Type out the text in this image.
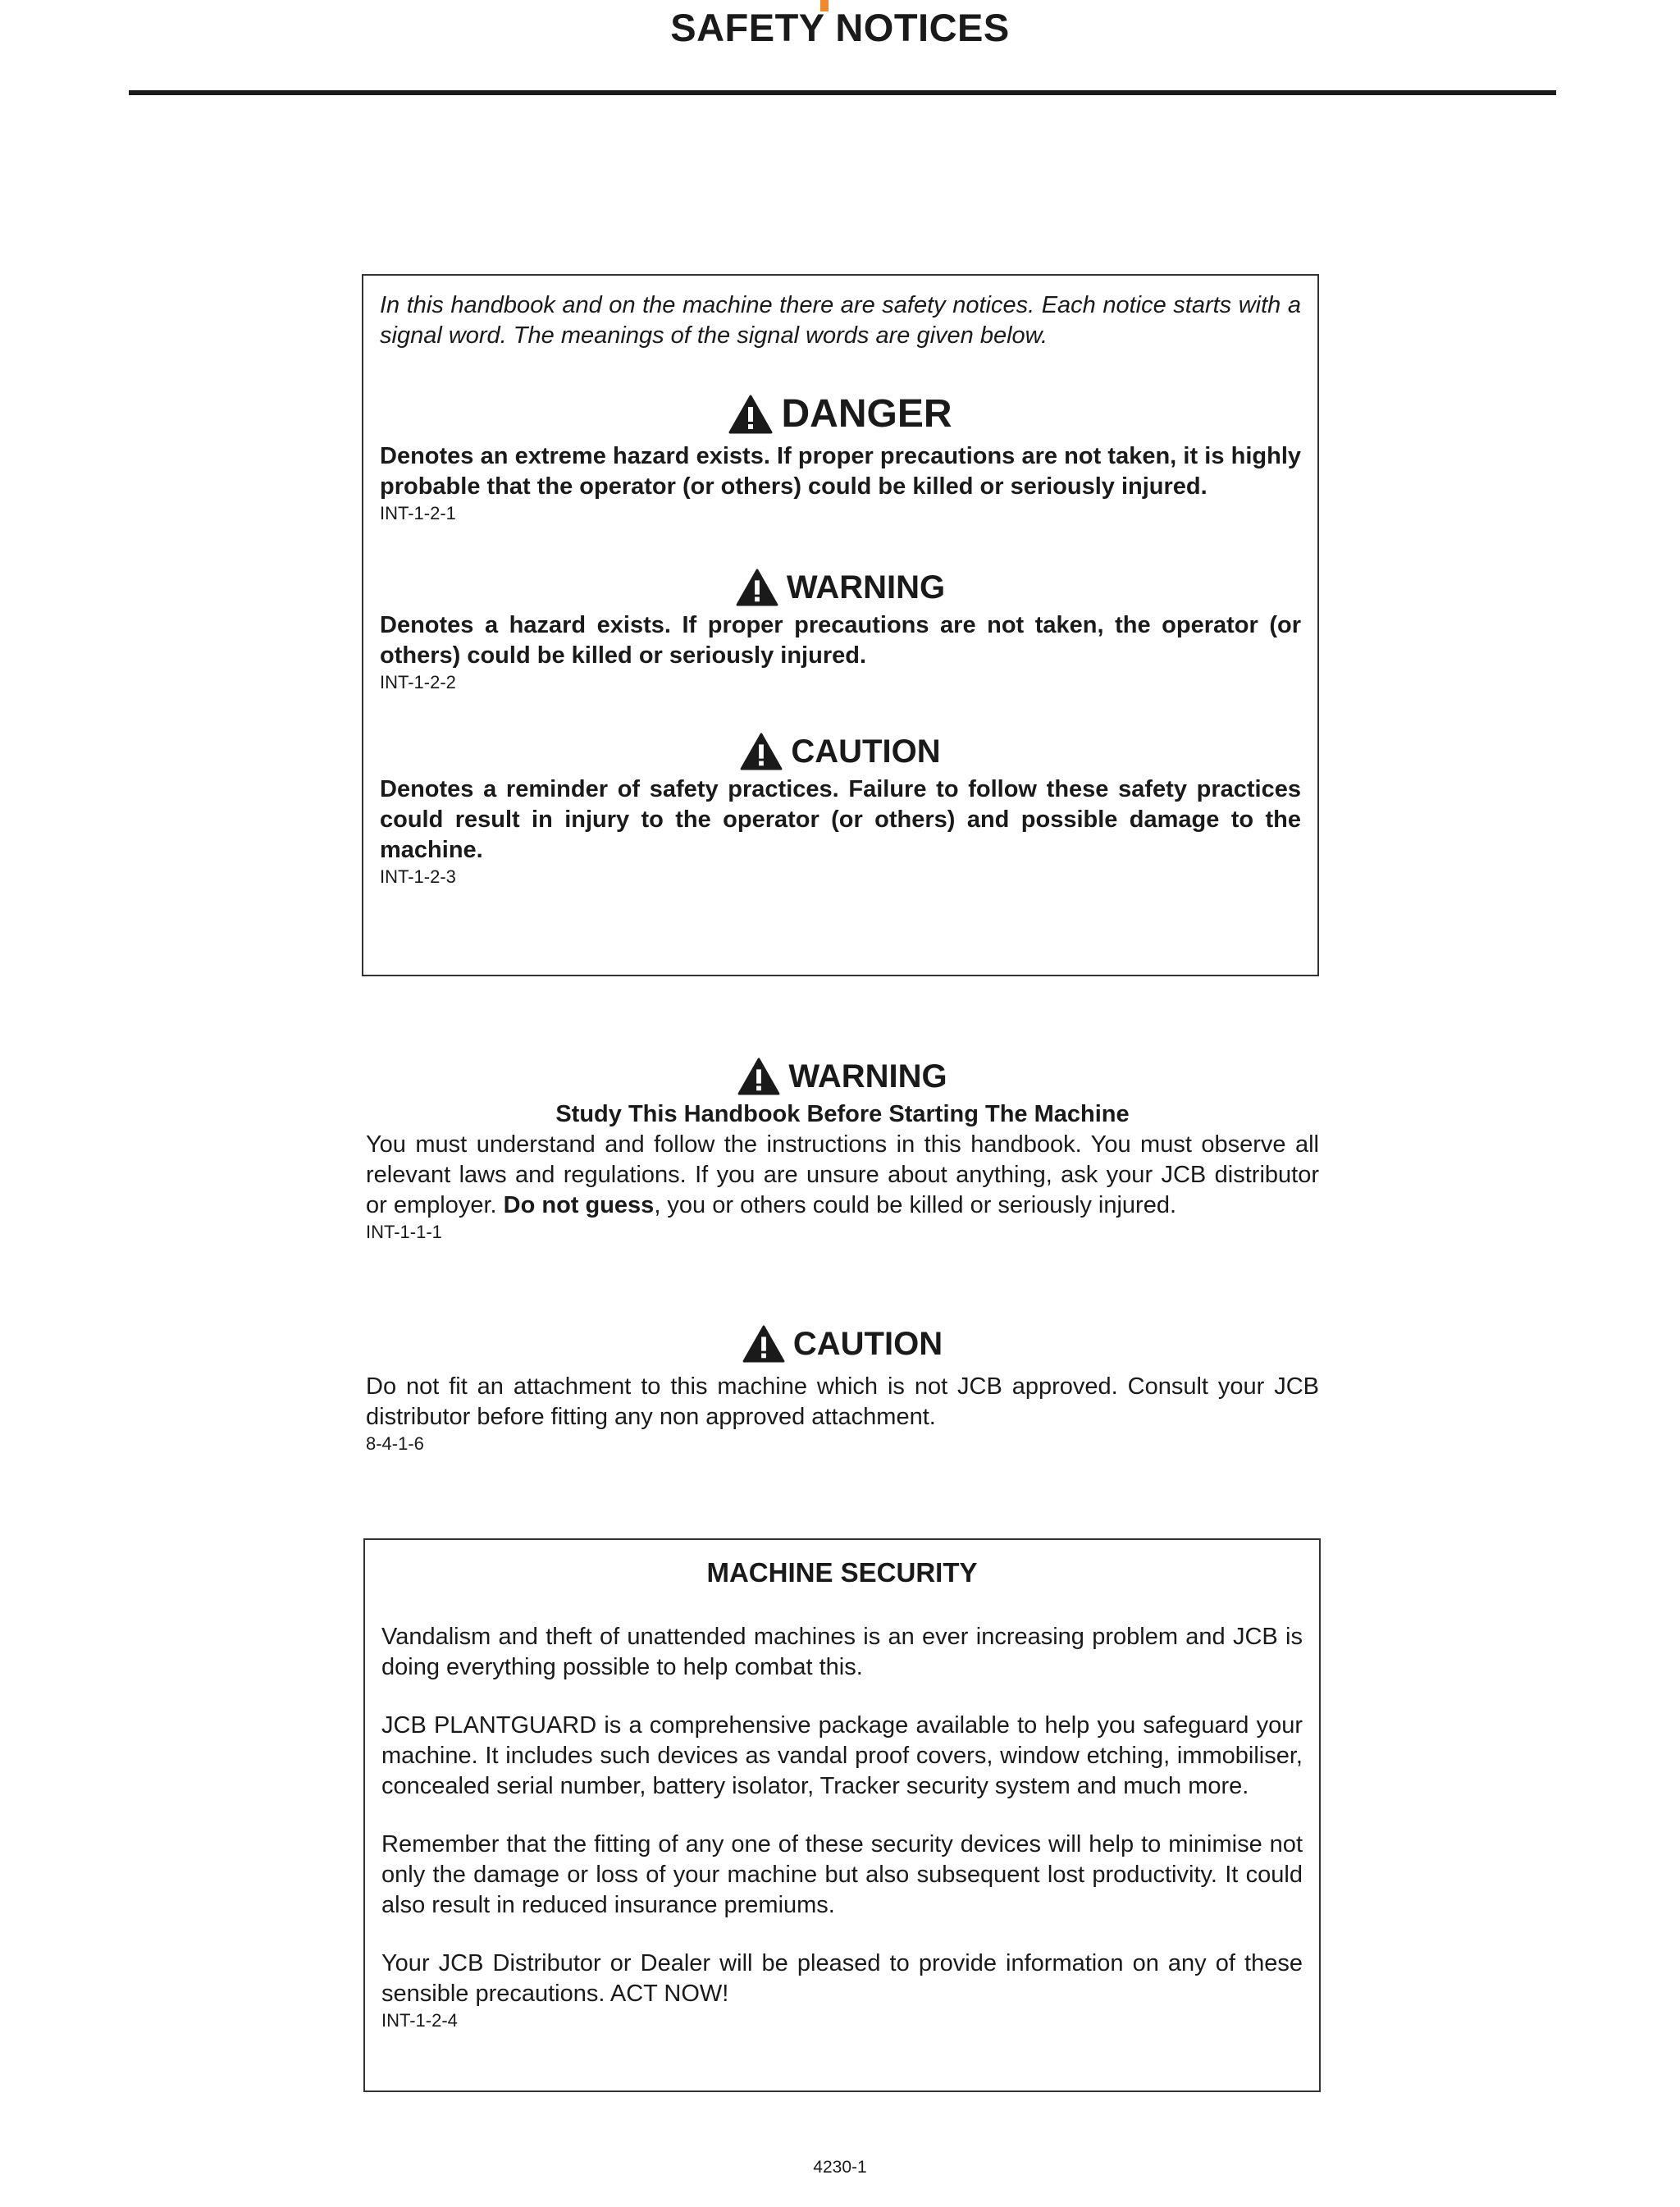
SAFETY NOTICES
In this handbook and on the machine there are safety notices. Each notice starts with a signal word. The meanings of the signal words are given below.
DANGER
Denotes an extreme hazard exists. If proper precautions are not taken, it is highly probable that the operator (or others) could be killed or seriously injured.
INT-1-2-1
WARNING
Denotes a hazard exists. If proper precautions are not taken, the operator (or others) could be killed or seriously injured.
INT-1-2-2
CAUTION
Denotes a reminder of safety practices. Failure to follow these safety practices could result in injury to the operator (or others) and possible damage to the machine.
INT-1-2-3
WARNING
Study This Handbook Before Starting The Machine
You must understand and follow the instructions in this handbook. You must observe all relevant laws and regulations. If you are unsure about anything, ask your JCB distributor or employer. Do not guess, you or others could be killed or seriously injured.
INT-1-1-1
CAUTION
Do not fit an attachment to this machine which is not JCB approved. Consult your JCB distributor before fitting any non approved attachment.
8-4-1-6
MACHINE SECURITY
Vandalism and theft of unattended machines is an ever increasing problem and JCB is doing everything possible to help combat this.
JCB PLANTGUARD is a comprehensive package available to help you safeguard your machine. It includes such devices as vandal proof covers, window etching, immobiliser, concealed serial number, battery isolator, Tracker security system and much more.
Remember that the fitting of any one of these security devices will help to minimise not only the damage or loss of your machine but also subsequent lost productivity. It could also result in reduced insurance premiums.
Your JCB Distributor or Dealer will be pleased to provide information on any of these sensible precautions. ACT NOW!
INT-1-2-4
4230-1
